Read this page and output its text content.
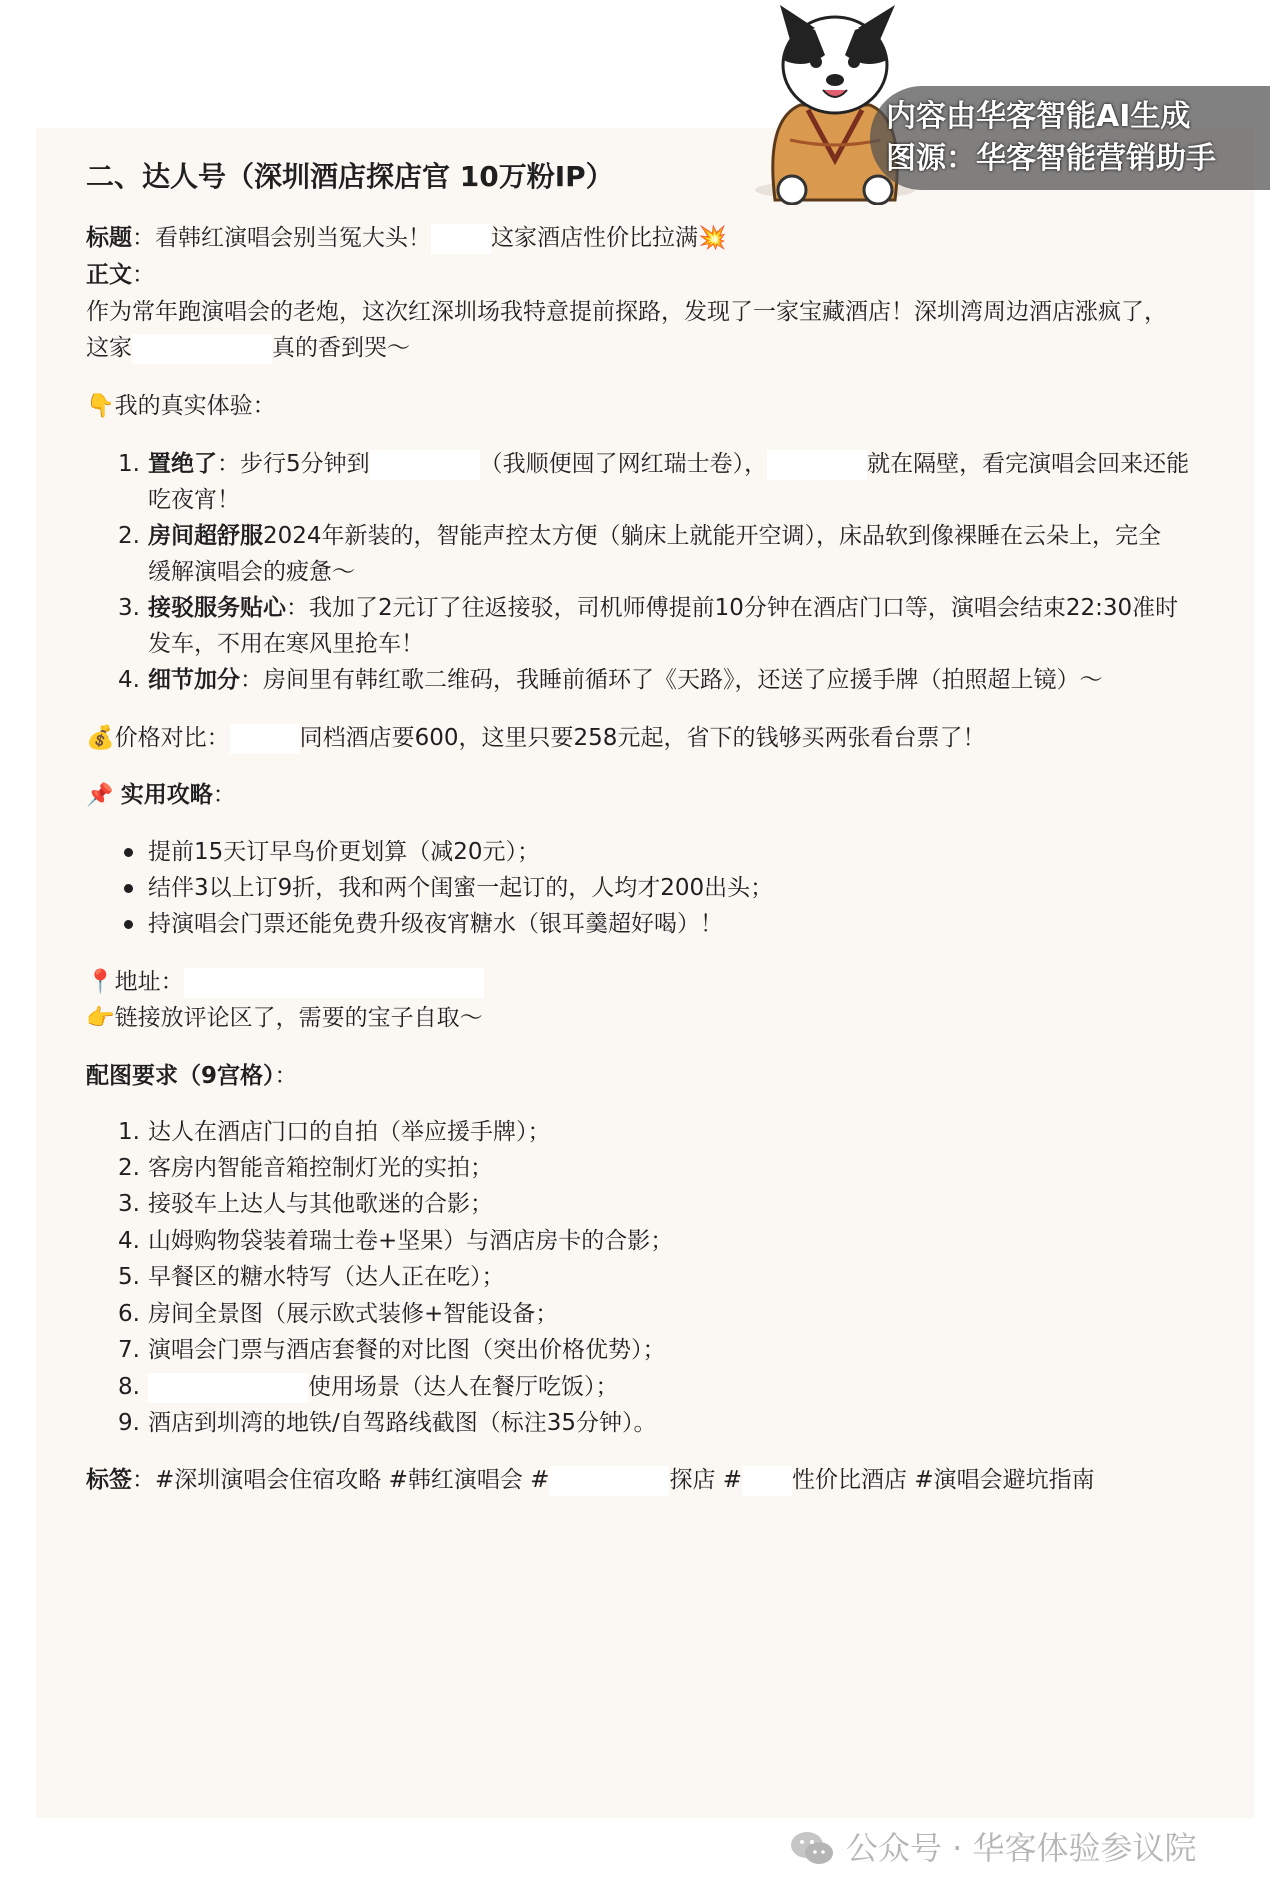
二、达人号（深圳酒店探店官 10万粉IP）
标题：看韩红演唱会别当冤大头！	这家酒店性价比拉满💥
正文：
作为常年跑演唱会的老炮，这次红深圳场我特意提前探路，发现了一家宝藏酒店！深圳湾周边酒店涨疯了，
这家	真的香到哭～
👇我的真实体验：
1. 置绝了：步行5分钟到	（我顺便囤了网红瑞士卷），	就在隔壁，看完演唱会回来还能
吃夜宵！
2. 房间超舒服2024年新装的，智能声控太方便（躺床上就能开空调），床品软到像裸睡在云朵上，完全
缓解演唱会的疲惫～
3. 接驳服务贴心：我加了2元订了往返接驳，司机师傅提前10分钟在酒店门口等，演唱会结束22:30准时
发车，不用在寒风里抢车！
4. 细节加分：房间里有韩红歌二维码，我睡前循环了《天路》，还送了应援手牌（拍照超上镜）～
💰价格对比：	同档酒店要600，这里只要258元起，省下的钱够买两张看台票了！
📌 实用攻略：
提前15天订早鸟价更划算（减20元）；
结伴3以上订9折，我和两个闺蜜一起订的，人均才200出头；
持演唱会门票还能免费升级夜宵糖水（银耳羹超好喝）！
📍地址：
👉链接放评论区了，需要的宝子自取～
配图要求（9宫格）：
1. 达人在酒店门口的自拍（举应援手牌）；
2. 客房内智能音箱控制灯光的实拍；
3. 接驳车上达人与其他歌迷的合影；
4. 山姆购物袋装着瑞士卷+坚果）与酒店房卡的合影；
5. 早餐区的糖水特写（达人正在吃）；
6. 房间全景图（展示欧式装修+智能设备；
7. 演唱会门票与酒店套餐的对比图（突出价格优势）；
8.	使用场景（达人在餐厅吃饭）；
9. 酒店到圳湾的地铁/自驾路线截图（标注35分钟）。
标签：#深圳演唱会住宿攻略 #韩红演唱会 #	探店 # 性价比酒店 #演唱会避坑指南
内容由华客智能AI生成
图源：华客智能营销助手
公众号 · 华客体验参议院
